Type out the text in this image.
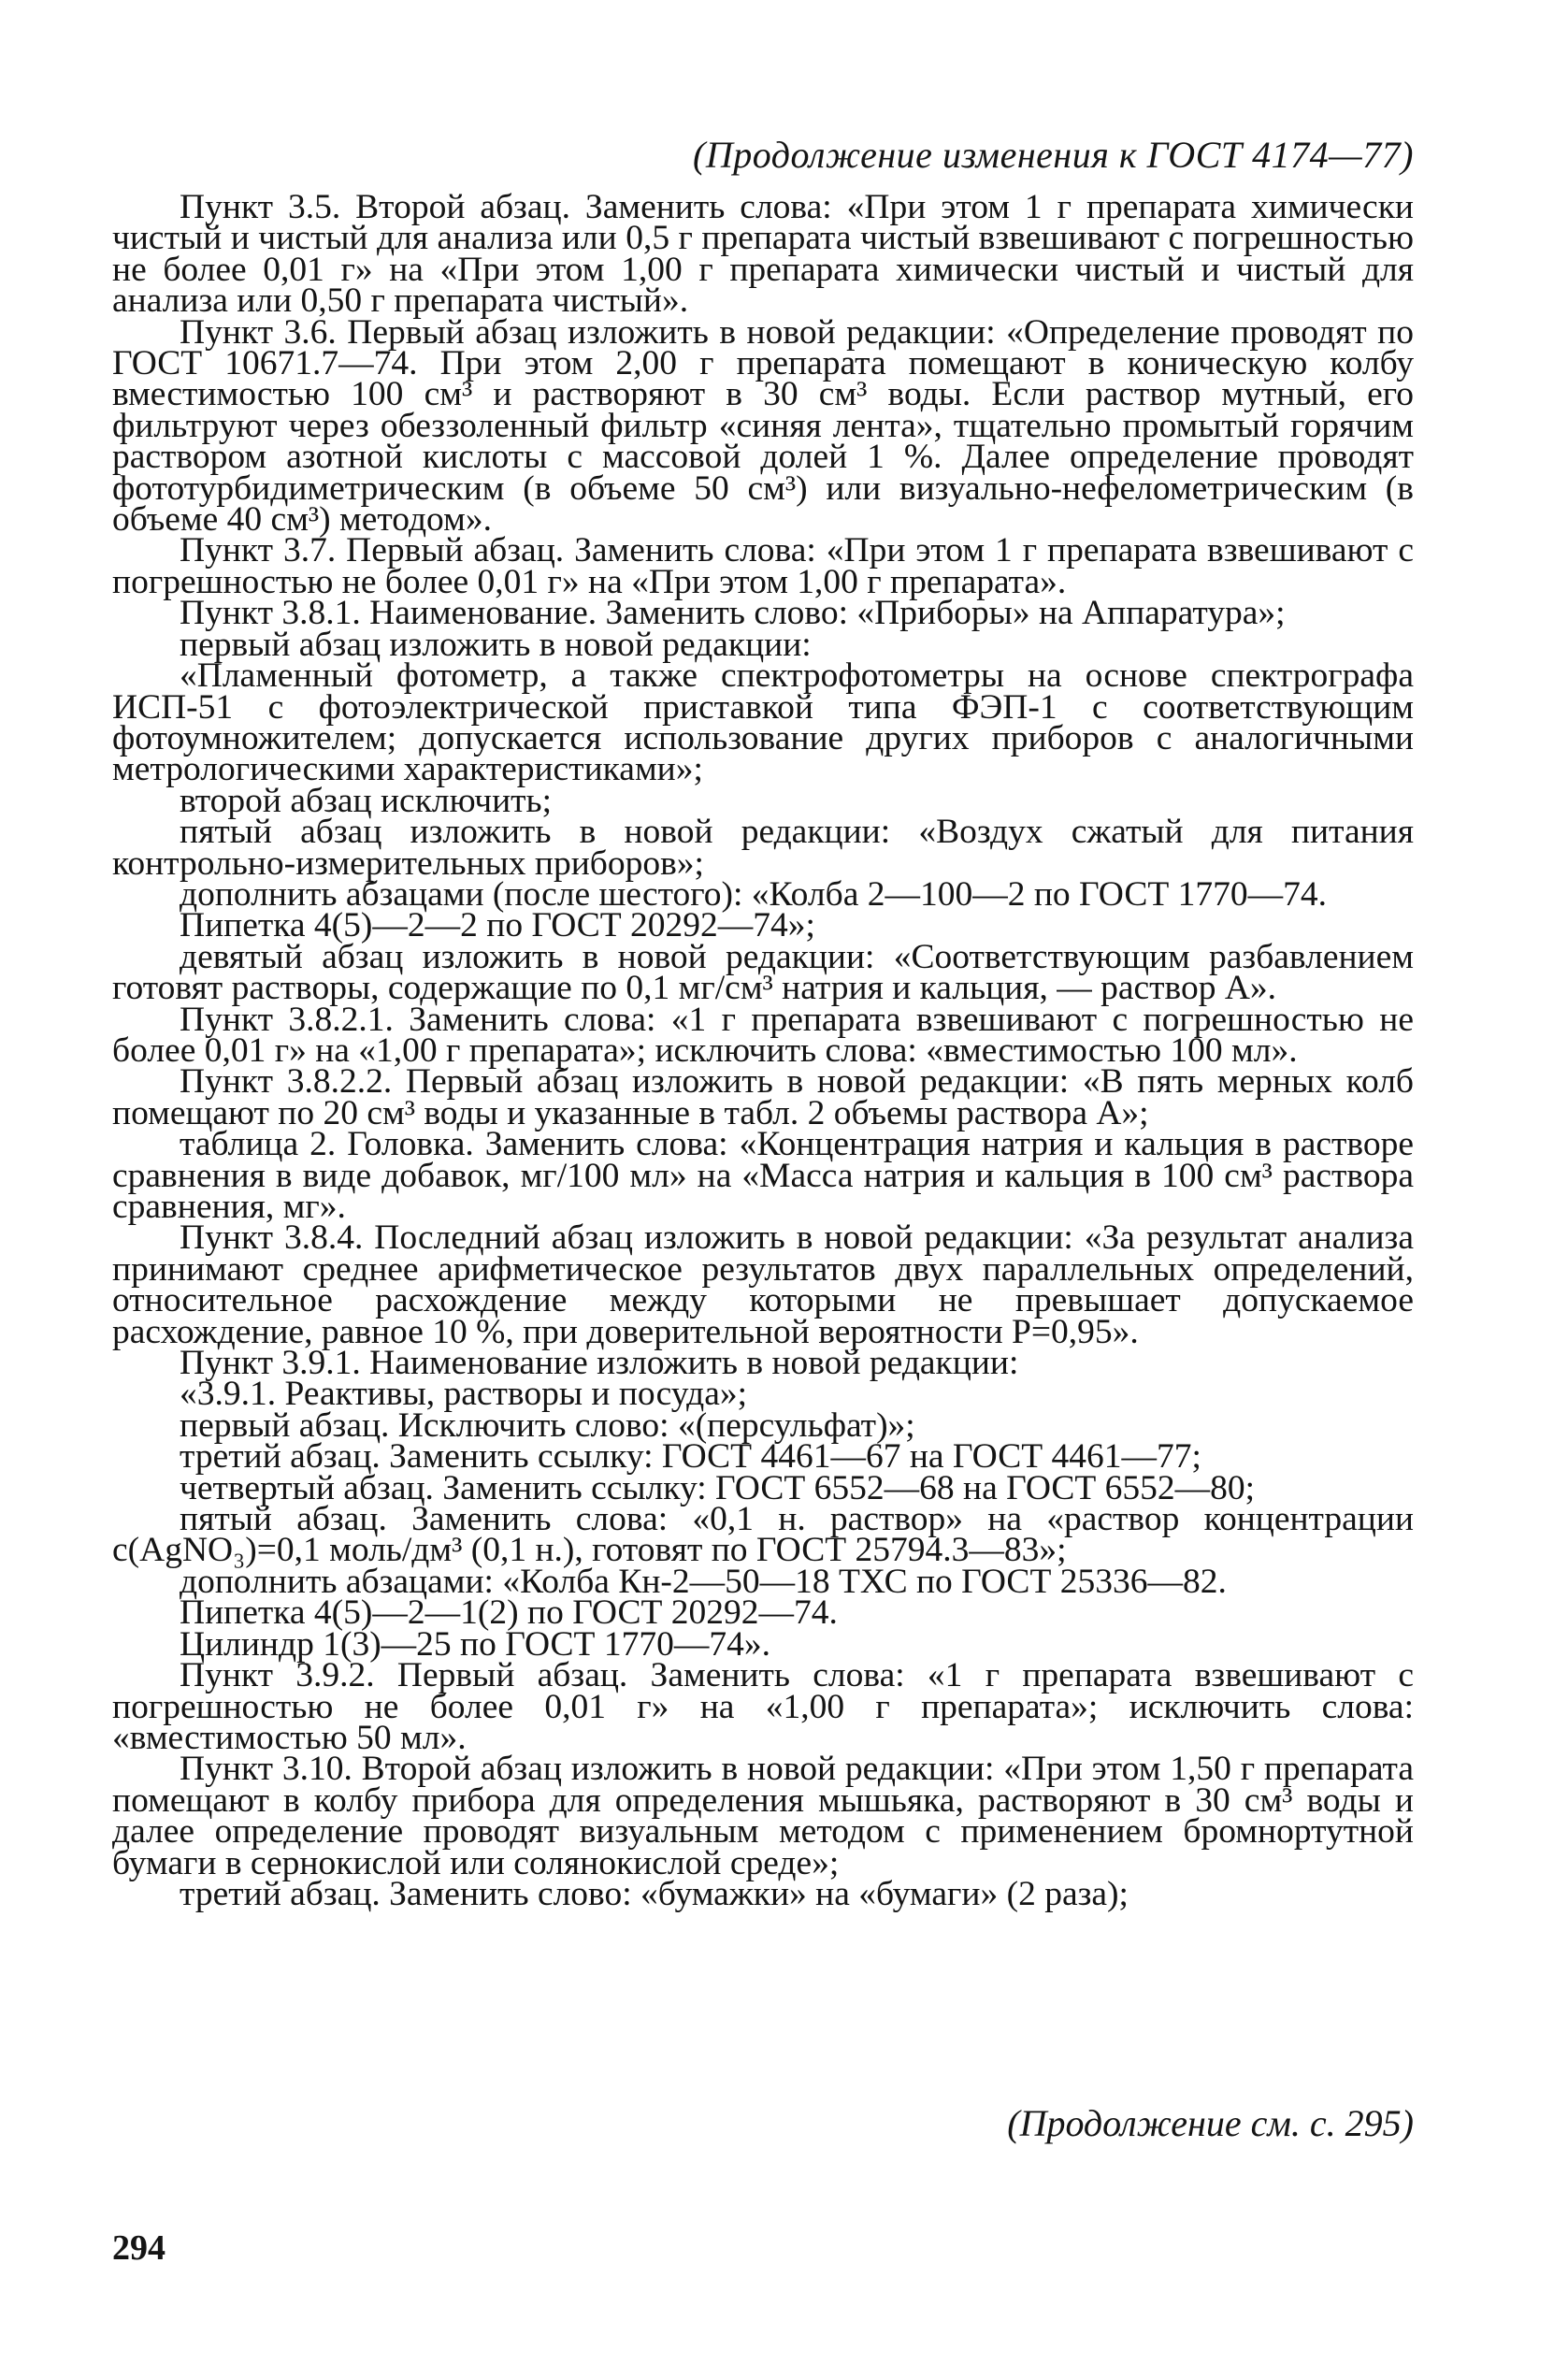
(Продолжение изменения к ГОСТ 4174—77)

Пункт 3.5. Второй абзац. Заменить слова: «При этом 1 г препарата химически чистый и чистый для анализа или 0,5 г препарата чистый взвешивают с погрешностью не более 0,01 г» на «При этом 1,00 г препарата химически чистый и чистый для анализа или 0,50 г препарата чистый».

Пункт 3.6. Первый абзац изложить в новой редакции: «Определение проводят по ГОСТ 10671.7—74. При этом 2,00 г препарата помещают в коническую колбу вместимостью 100 см³ и растворяют в 30 см³ воды. Если раствор мутный, его фильтруют через обеззоленный фильтр «синяя лента», тщательно промытый горячим раствором азотной кислоты с массовой долей 1 %. Далее определение проводят фототурбидиметрическим (в объеме 50 см³) или визуально-нефелометрическим (в объеме 40 см³) методом».

Пункт 3.7. Первый абзац. Заменить слова: «При этом 1 г препарата взвешивают с погрешностью не более 0,01 г» на «При этом 1,00 г препарата».

Пункт 3.8.1. Наименование. Заменить слово: «Приборы» на Аппаратура»;

первый абзац изложить в новой редакции:

«Пламенный фотометр, а также спектрофотометры на основе спектрографа ИСП-51 с фотоэлектрической приставкой типа ФЭП-1 с соответствующим фотоумножителем; допускается использование других приборов с аналогичными метрологическими характеристиками»;

второй абзац исключить;

пятый абзац изложить в новой редакции: «Воздух сжатый для питания контрольно-измерительных приборов»;

дополнить абзацами (после шестого): «Колба 2—100—2 по ГОСТ 1770—74.

Пипетка 4(5)—2—2 по ГОСТ 20292—74»;

девятый абзац изложить в новой редакции: «Соответствующим разбавлением готовят растворы, содержащие по 0,1 мг/см³ натрия и кальция, — раствор А».

Пункт 3.8.2.1. Заменить слова: «1 г препарата взвешивают с погрешностью не более 0,01 г» на «1,00 г препарата»; исключить слова: «вместимостью 100 мл».

Пункт 3.8.2.2. Первый абзац изложить в новой редакции: «В пять мерных колб помещают по 20 см³ воды и указанные в табл. 2 объемы раствора А»;

таблица 2. Головка. Заменить слова: «Концентрация натрия и кальция в растворе сравнения в виде добавок, мг/100 мл» на «Масса натрия и кальция в 100 см³ раствора сравнения, мг».

Пункт 3.8.4. Последний абзац изложить в новой редакции: «За результат анализа принимают среднее арифметическое результатов двух параллельных определений, относительное расхождение между которыми не превышает допускаемое расхождение, равное 10 %, при доверительной вероятности P=0,95».

Пункт 3.9.1. Наименование изложить в новой редакции:

«3.9.1. Реактивы, растворы и посуда»;

первый абзац. Исключить слово: «(персульфат)»;

третий абзац. Заменить ссылку: ГОСТ 4461—67 на ГОСТ 4461—77;

четвертый абзац. Заменить ссылку: ГОСТ 6552—68 на ГОСТ 6552—80;

пятый абзац. Заменить слова: «0,1 н. раствор» на «раствор концентрации c(AgNO₃)=0,1 моль/дм³ (0,1 н.), готовят по ГОСТ 25794.3—83»;

дополнить абзацами: «Колба Кн-2—50—18 ТХС по ГОСТ 25336—82.

Пипетка 4(5)—2—1(2) по ГОСТ 20292—74.

Цилиндр 1(3)—25 по ГОСТ 1770—74».

Пункт 3.9.2. Первый абзац. Заменить слова: «1 г препарата взвешивают с погрешностью не более 0,01 г» на «1,00 г препарата»; исключить слова: «вместимостью 50 мл».

Пункт 3.10. Второй абзац изложить в новой редакции: «При этом 1,50 г препарата помещают в колбу прибора для определения мышьяка, растворяют в 30 см³ воды и далее определение проводят визуальным методом с применением бромнортутной бумаги в сернокислой или солянокислой среде»;

третий абзац. Заменить слово: «бумажки» на «бумаги» (2 раза);

(Продолжение см. с. 295)
294
